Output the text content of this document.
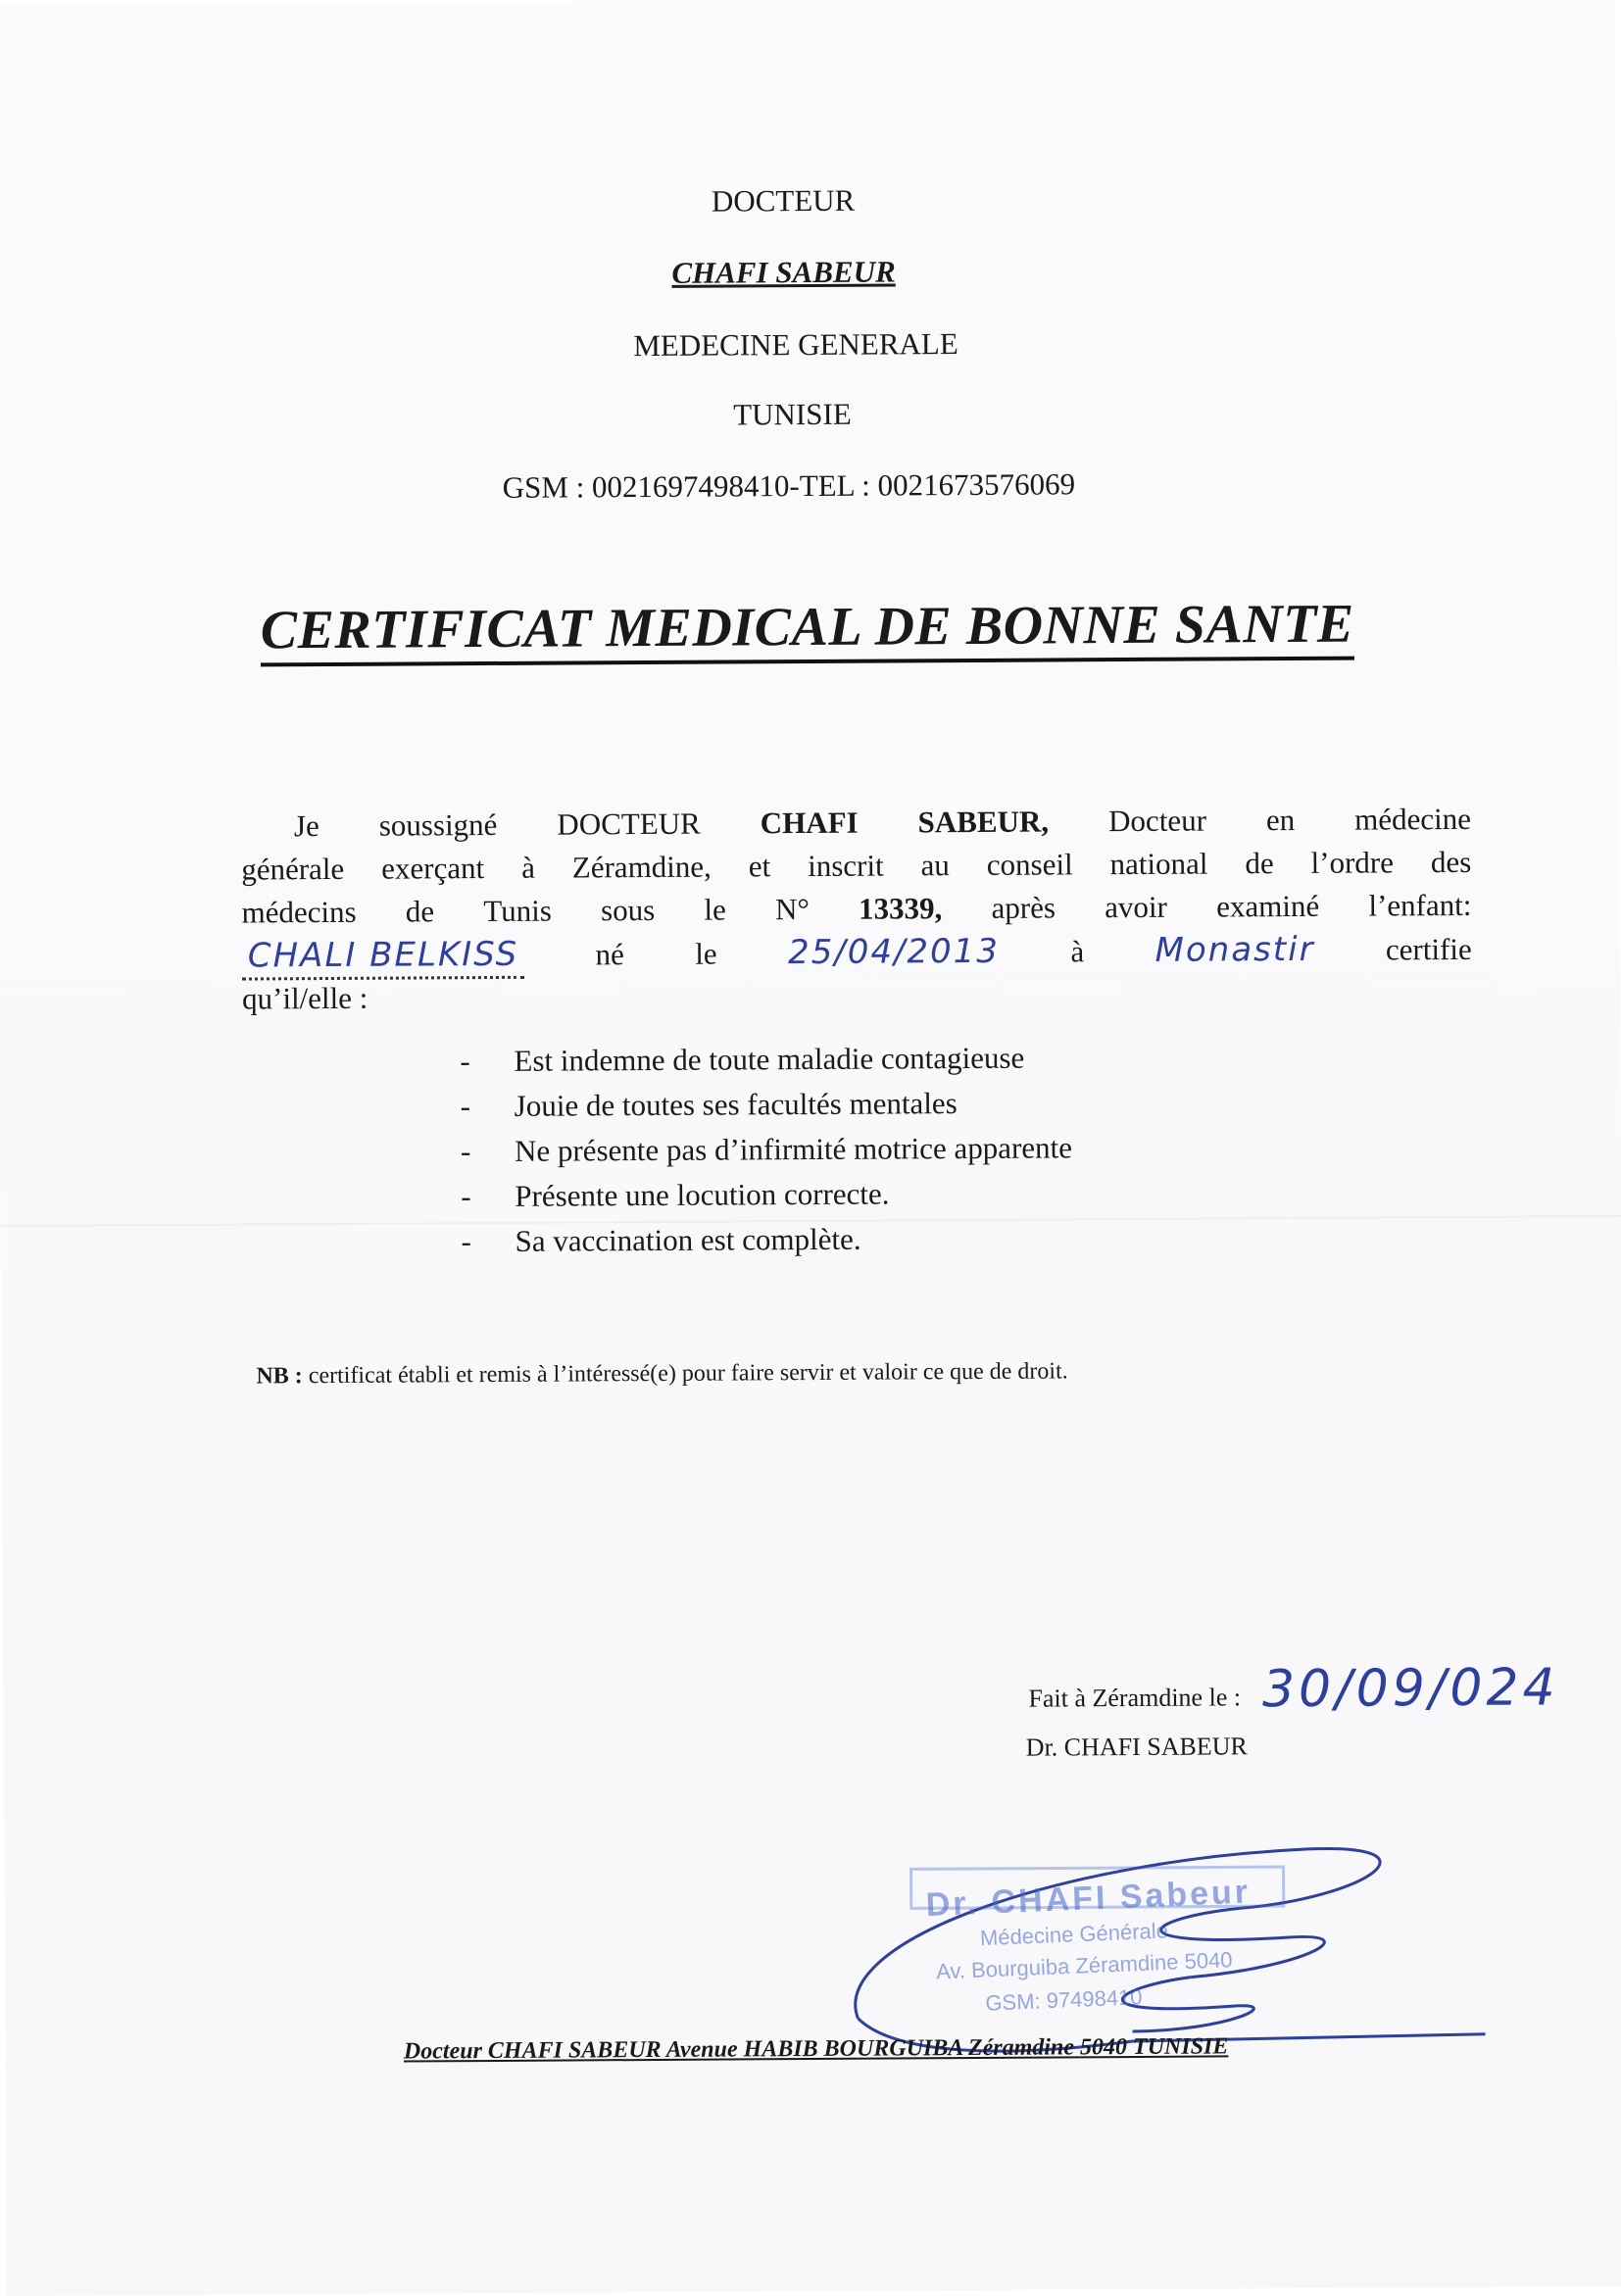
DOCTEUR
CHAFI SABEUR
MEDECINE GENERALE
TUNISIE
GSM : 0021697498410-TEL : 0021673576069
CERTIFICAT MEDICAL DE BONNE SANTE
Je soussigné DOCTEUR CHAFI SABEUR, Docteur en médecine
générale exerçant à Zéramdine, et inscrit au conseil national de l’ordre des
médecins de Tunis sous le N° 13339, après avoir examiné l’enfant:
CHALI BELKISS	né le 25/04/2013 à Monastir certifie
qu’il/elle :
-	Est indemne de toute maladie contagieuse
-	Jouie de toutes ses facultés mentales
-	Ne présente pas d’infirmité motrice apparente
-	Présente une locution correcte.
-	Sa vaccination est complète.
NB : certificat établi et remis à l’intéressé(e) pour faire servir et valoir ce que de droit.
Fait à Zéramdine le : 30/09/024
Dr. CHAFI SABEUR
Dr. CHAFI Sabeur
Médecine Générale
Av. Bourguiba Zéramdine 5040
GSM: 97498410
Docteur CHAFI SABEUR Avenue HABIB BOURGUIBA Zéramdine 5040 TUNISIE
